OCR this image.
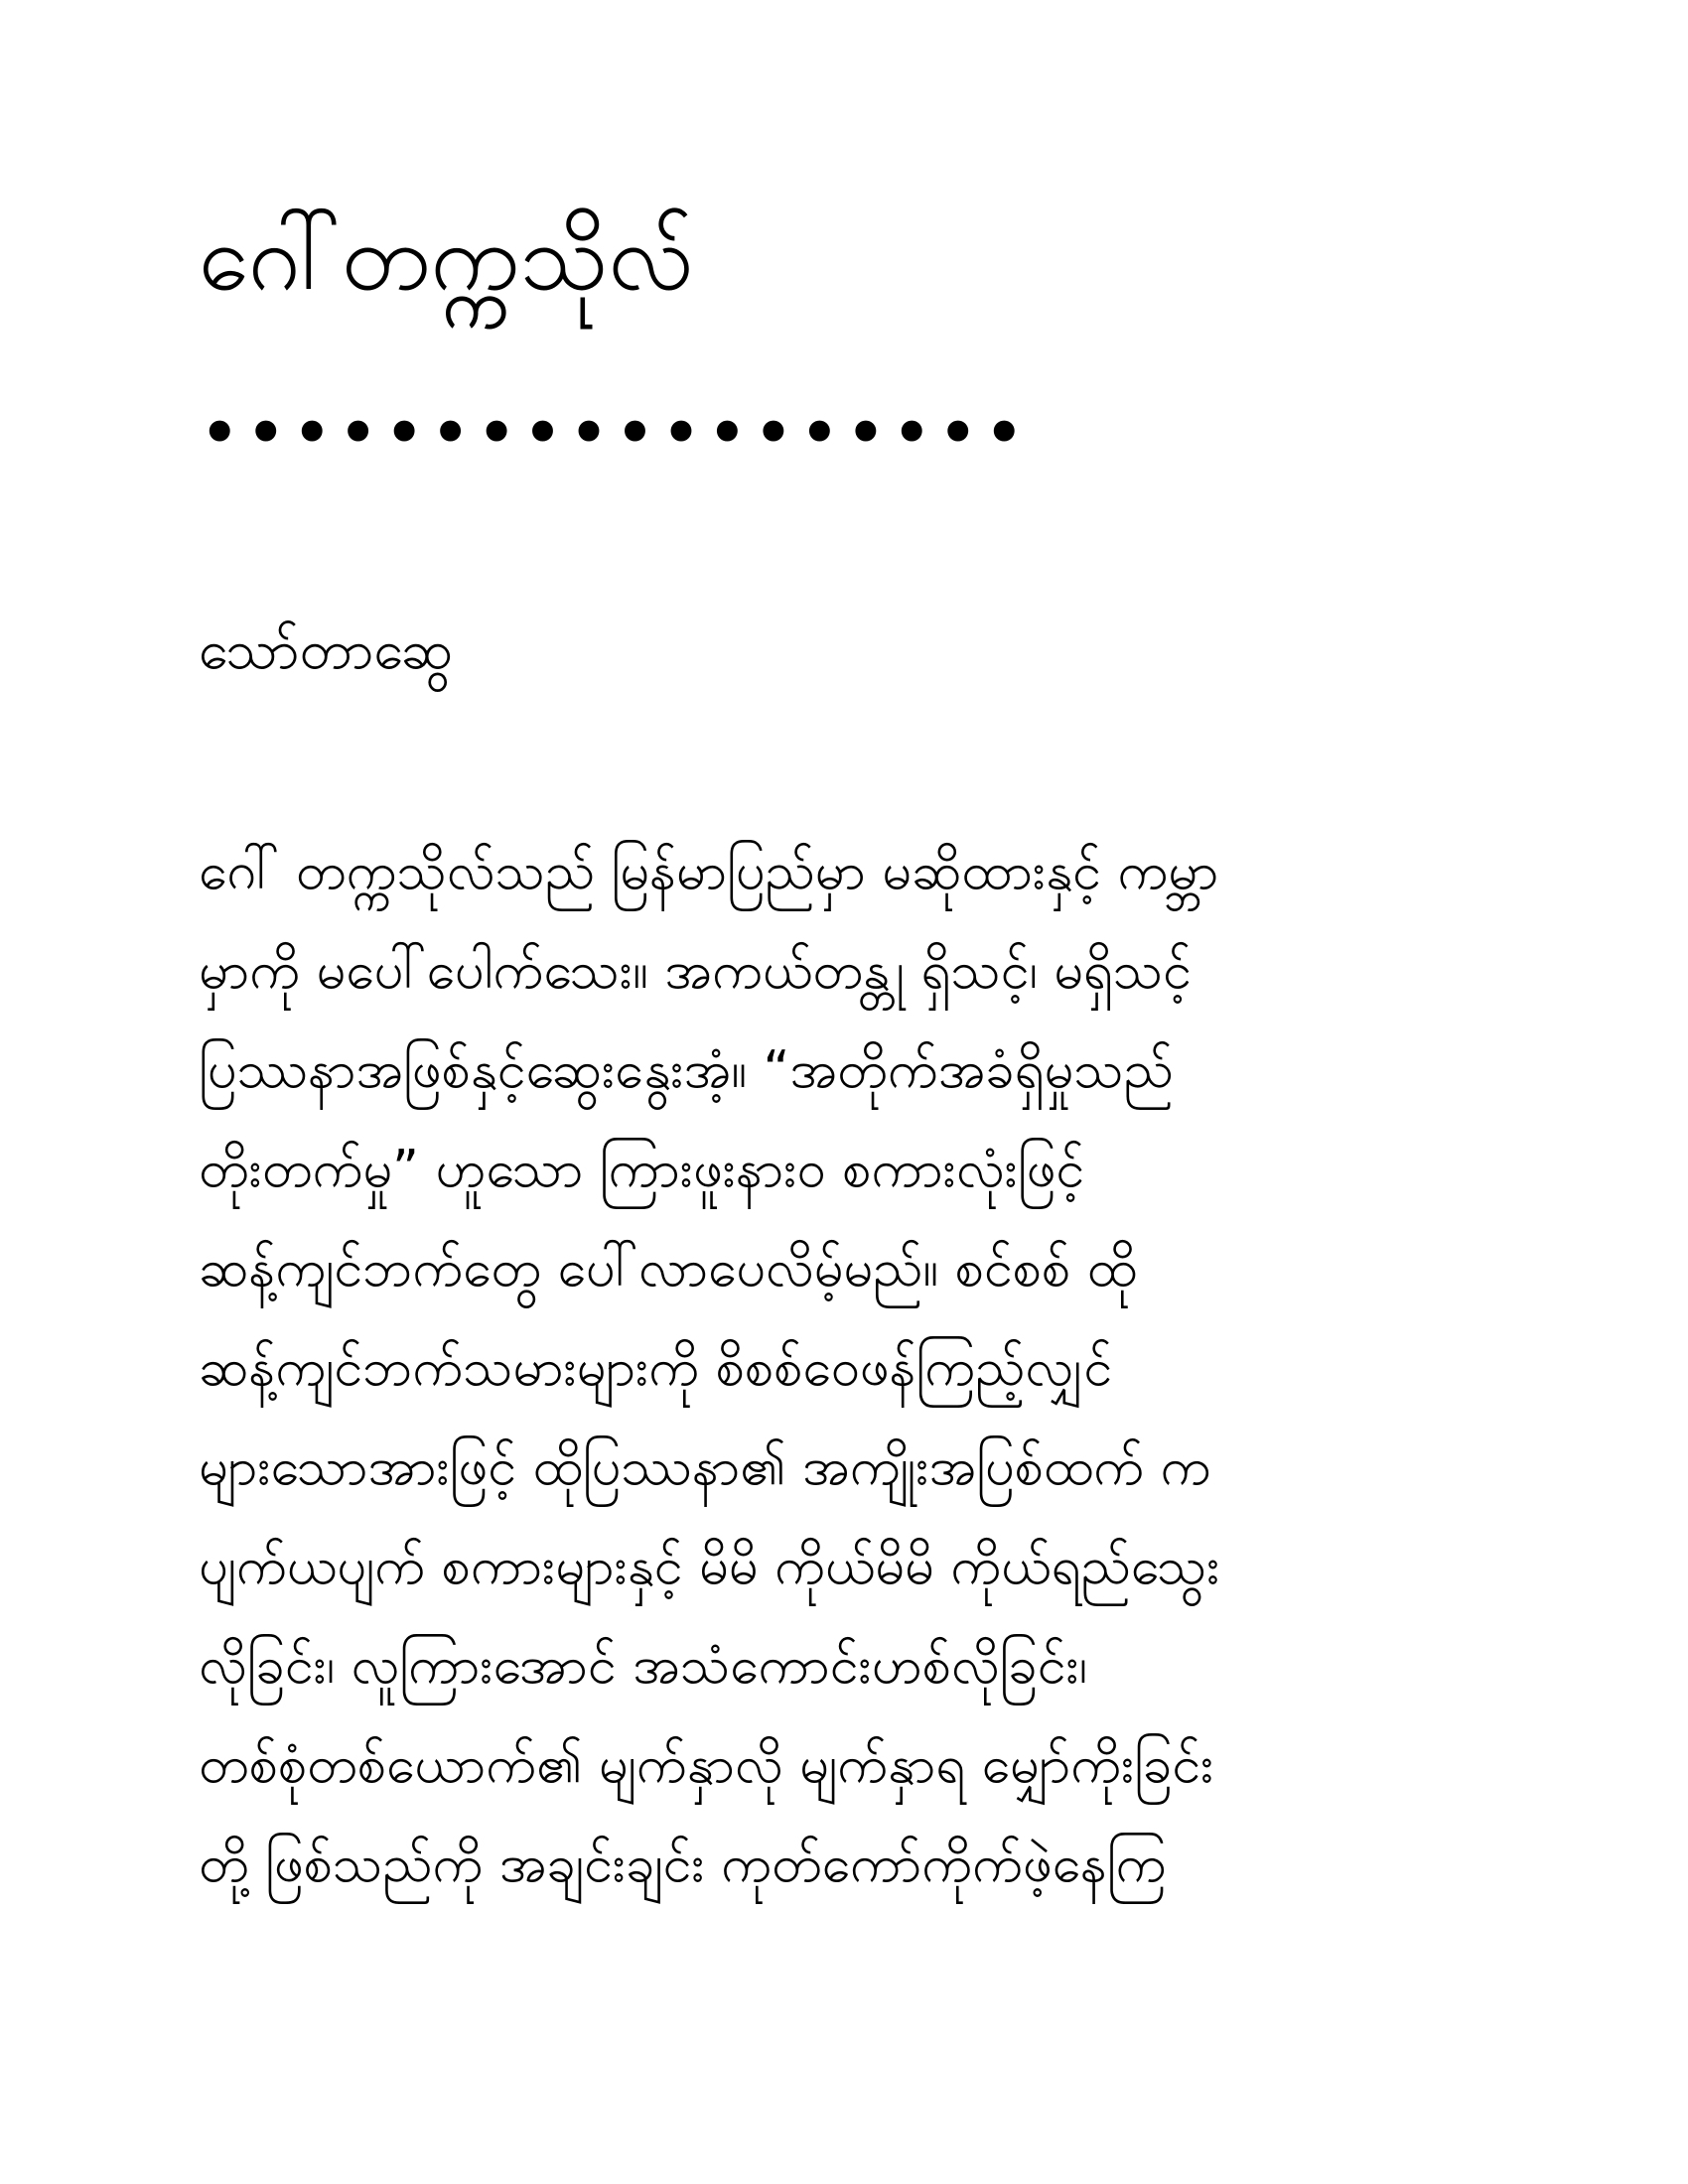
ဂေါ်တက္ကသိုလ်
••••••••••••••••••
သော်တာဆွေ
ဂေါ် တက္ကသိုလ်သည် မြန်မာပြည်မှာ မဆိုထားနှင့် ကမ္ဘာ
မှာကို မပေါ်ပေါက်သေး။ အကယ်တန္တု ရှိသင့်၊ မရှိသင့်
ပြဿနာအဖြစ်နှင့်ဆွေးနွေးအံ့။ “အတိုက်အခံရှိမှုသည်
တိုးတက်မှု” ဟူသော ကြားဖူးနား၀ စကားလုံးဖြင့်
ဆန့်ကျင်ဘက်တွေ ပေါ်လာပေလိမ့်မည်။ စင်စစ် ထို
ဆန့်ကျင်ဘက်သမားများကို စိစစ်ဝေဖန်ကြည့်လျှင်
များသောအားဖြင့် ထိုပြဿနာ၏ အကျိုးအပြစ်ထက် က
ပျက်ယပျက် စကားများနှင့် မိမိ ကိုယ်မိမိ ကိုယ်ရည်သွေး
လိုခြင်း၊ လူကြားအောင် အသံကောင်းဟစ်လိုခြင်း၊
တစ်စုံတစ်ယောက်၏ မျက်နှာလို မျက်နှာရ မျှော်ကိုးခြင်း
တို့ ဖြစ်သည်ကို အချင်းချင်း ကုတ်ကော်ကိုက်ဖဲ့နေကြ
